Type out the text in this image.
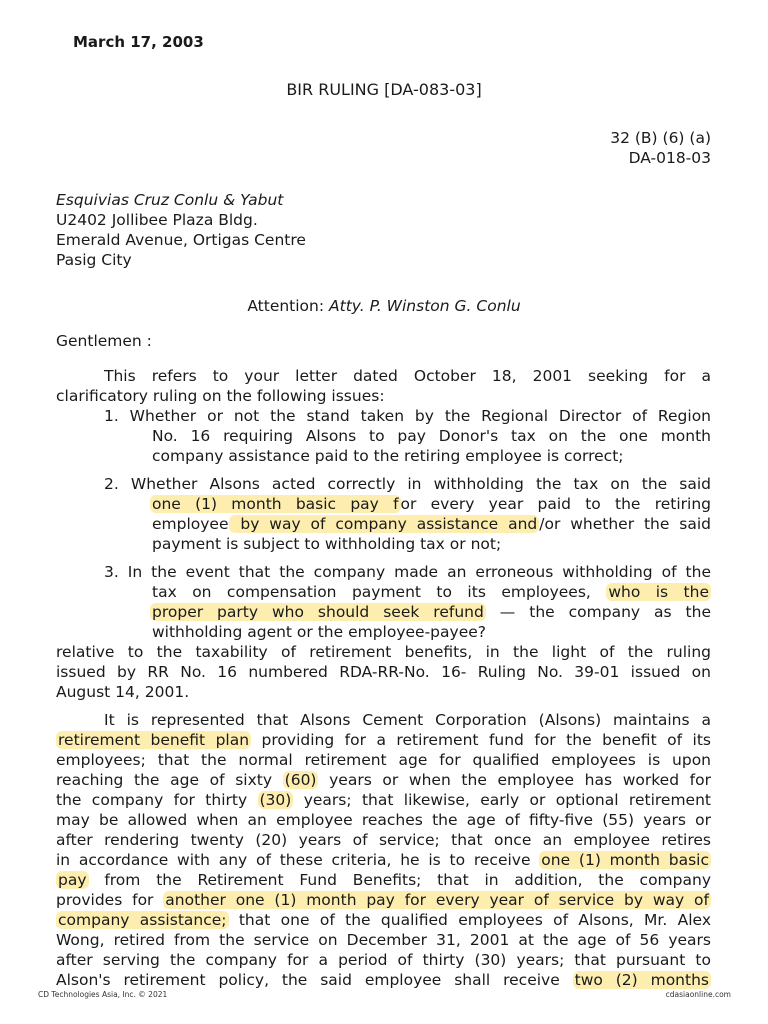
March 17, 2003
BIR RULING [DA-083-03]
32 (B) (6) (a)
DA-018-03
Esquivias Cruz Conlu & Yabut
U2402 Jollibee Plaza Bldg.
Emerald Avenue, Ortigas Centre
Pasig City
Attention: Atty. P. Winston G. Conlu
Gentlemen :
This refers to your letter dated October 18, 2001 seeking for a
clarificatory ruling on the following issues:
1. Whether or not the stand taken by the Regional Director of Region
No. 16 requiring Alsons to pay Donor's tax on the one month
company assistance paid to the retiring employee is correct;
2. Whether Alsons acted correctly in withholding the tax on the said
one (1) month basic pay f or every year paid to the retiring
employee by way of company assistance and /or whether the said
payment is subject to withholding tax or not;
3. In the event that the company made an erroneous withholding of the
tax on compensation payment to its employees, who is the
proper party who should seek refund — the company as the
withholding agent or the employee-payee?
relative to the taxability of retirement benefits, in the light of the ruling
issued by RR No. 16 numbered RDA-RR-No. 16- Ruling No. 39-01 issued on
August 14, 2001.
It is represented that Alsons Cement Corporation (Alsons) maintains a
retirement benefit plan providing for a retirement fund for the benefit of its
employees; that the normal retirement age for qualified employees is upon
reaching the age of sixty (60) years or when the employee has worked for
the company for thirty (30) years; that likewise, early or optional retirement
may be allowed when an employee reaches the age of fifty-five (55) years or
after rendering twenty (20) years of service; that once an employee retires
in accordance with any of these criteria, he is to receive one (1) month basic
pay from the Retirement Fund Benefits; that in addition, the company
provides for another one (1) month pay for every year of service by way of
company assistance; that one of the qualified employees of Alsons, Mr. Alex
Wong, retired from the service on December 31, 2001 at the age of 56 years
after serving the company for a period of thirty (30) years; that pursuant to
Alson's retirement policy, the said employee shall receive two (2) months
CD Technologies Asia, Inc. © 2021	cdasiaonline.com
